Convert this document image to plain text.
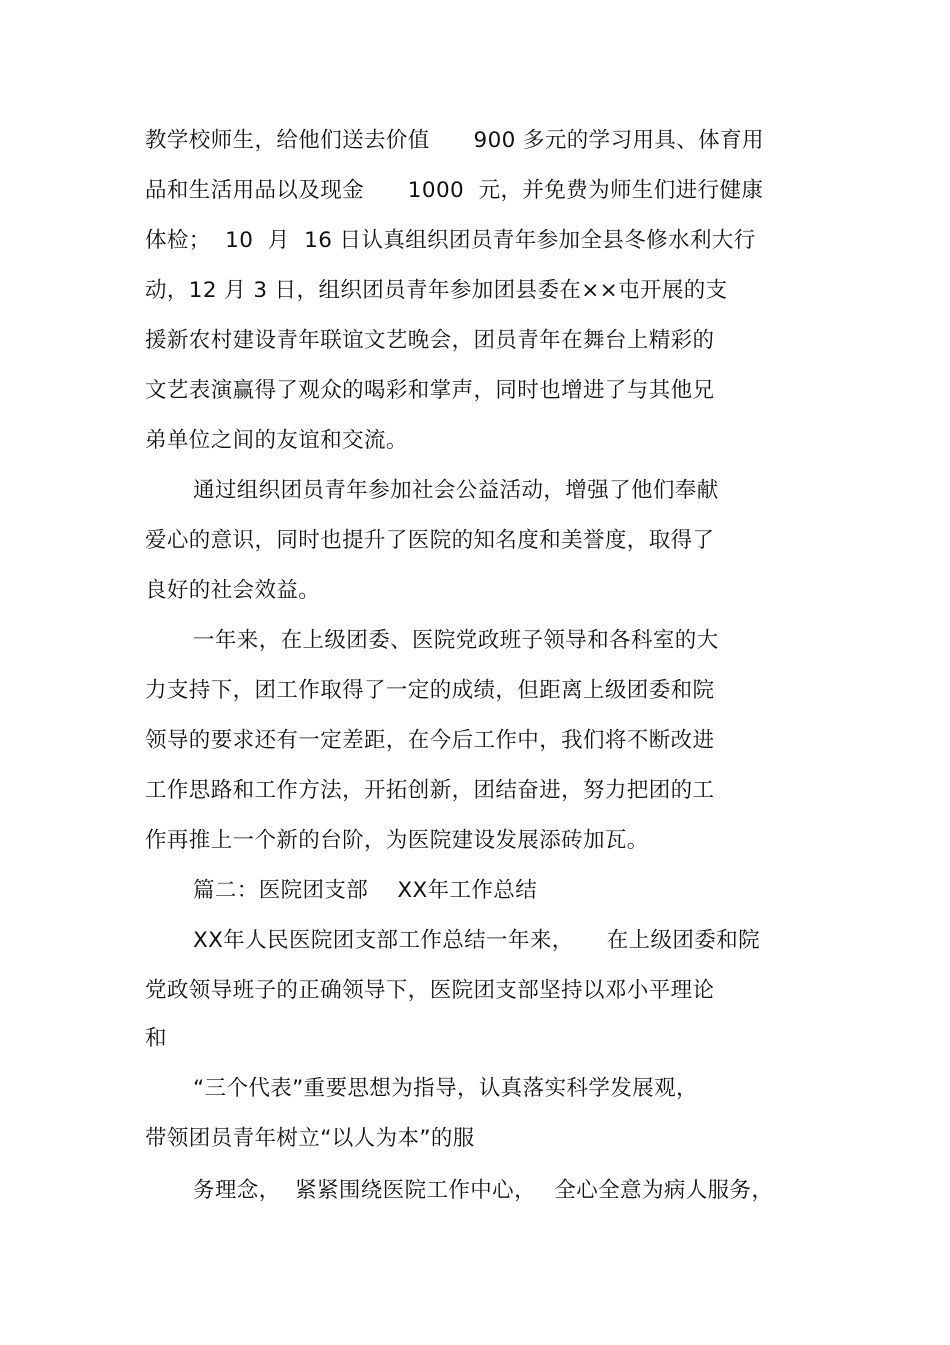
教学校师生，给他们送去价值　　900 多元的学习用具、体育用
品和生活用品以及现金　　1000  元，并免费为师生们进行健康
体检；  10  月  16 日认真组织团员青年参加全县冬修水利大行
动，12 月 3 日，组织团员青年参加团县委在××屯开展的支
援新农村建设青年联谊文艺晚会，团员青年在舞台上精彩的
文艺表演赢得了观众的喝彩和掌声，同时也增进了与其他兄
弟单位之间的友谊和交流。
通过组织团员青年参加社会公益活动，增强了他们奉献
爱心的意识，同时也提升了医院的知名度和美誉度，取得了
良好的社会效益。
一年来，在上级团委、医院党政班子领导和各科室的大
力支持下，团工作取得了一定的成绩，但距离上级团委和院
领导的要求还有一定差距，在今后工作中，我们将不断改进
工作思路和工作方法，开拓创新，团结奋进，努力把团的工
作再推上一个新的台阶，为医院建设发展添砖加瓦。
篇二：医院团支部　 XX年工作总结
XX年人民医院团支部工作总结一年来，　　在上级团委和院
党政领导班子的正确领导下，医院团支部坚持以邓小平理论
和
“三个代表”重要思想为指导，认真落实科学发展观，
带领团员青年树立“以人为本”的服
务理念，  紧紧围绕医院工作中心，　 全心全意为病人服务，
